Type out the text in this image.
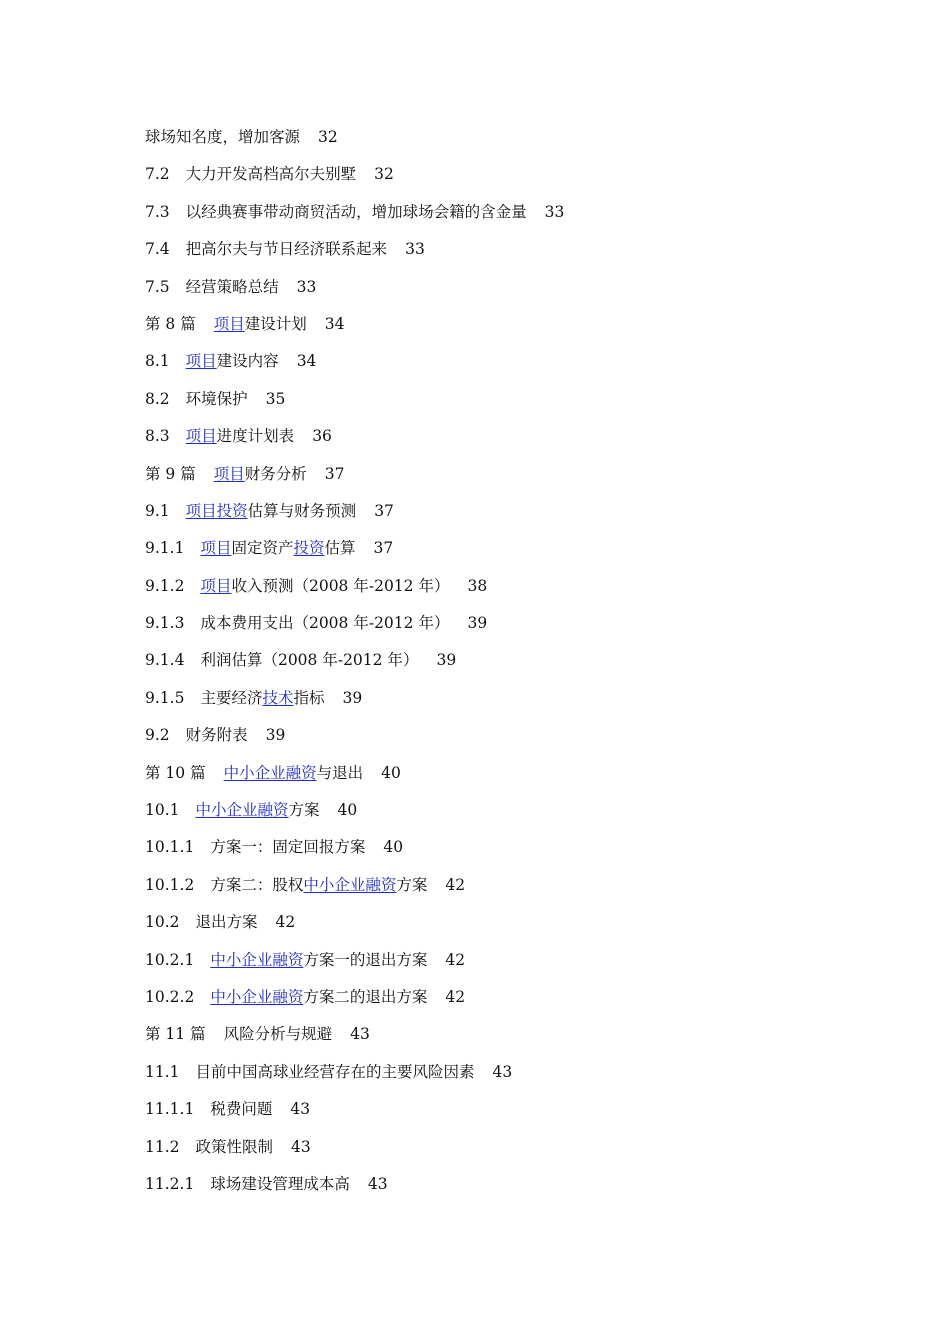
球场知名度，增加客源 32
7.2 大力开发高档高尔夫别墅 32
7.3 以经典赛事带动商贸活动，增加球场会籍的含金量 33
7.4 把高尔夫与节日经济联系起来 33
7.5 经营策略总结 33
第 8 篇 项目建设计划 34
8.1 项目建设内容 34
8.2 环境保护 35
8.3 项目进度计划表 36
第 9 篇 项目财务分析 37
9.1 项目投资估算与财务预测 37
9.1.1 项目固定资产投资估算 37
9.1.2 项目收入预测（2008 年-2012 年） 38
9.1.3 成本费用支出（2008 年-2012 年） 39
9.1.4 利润估算（2008 年-2012 年） 39
9.1.5 主要经济技术指标 39
9.2 财务附表 39
第 10 篇 中小企业融资与退出 40
10.1 中小企业融资方案 40
10.1.1 方案一：固定回报方案 40
10.1.2 方案二：股权中小企业融资方案 42
10.2 退出方案 42
10.2.1 中小企业融资方案一的退出方案 42
10.2.2 中小企业融资方案二的退出方案 42
第 11 篇 风险分析与规避 43
11.1 目前中国高球业经营存在的主要风险因素 43
11.1.1 税费问题 43
11.2 政策性限制 43
11.2.1 球场建设管理成本高 43
